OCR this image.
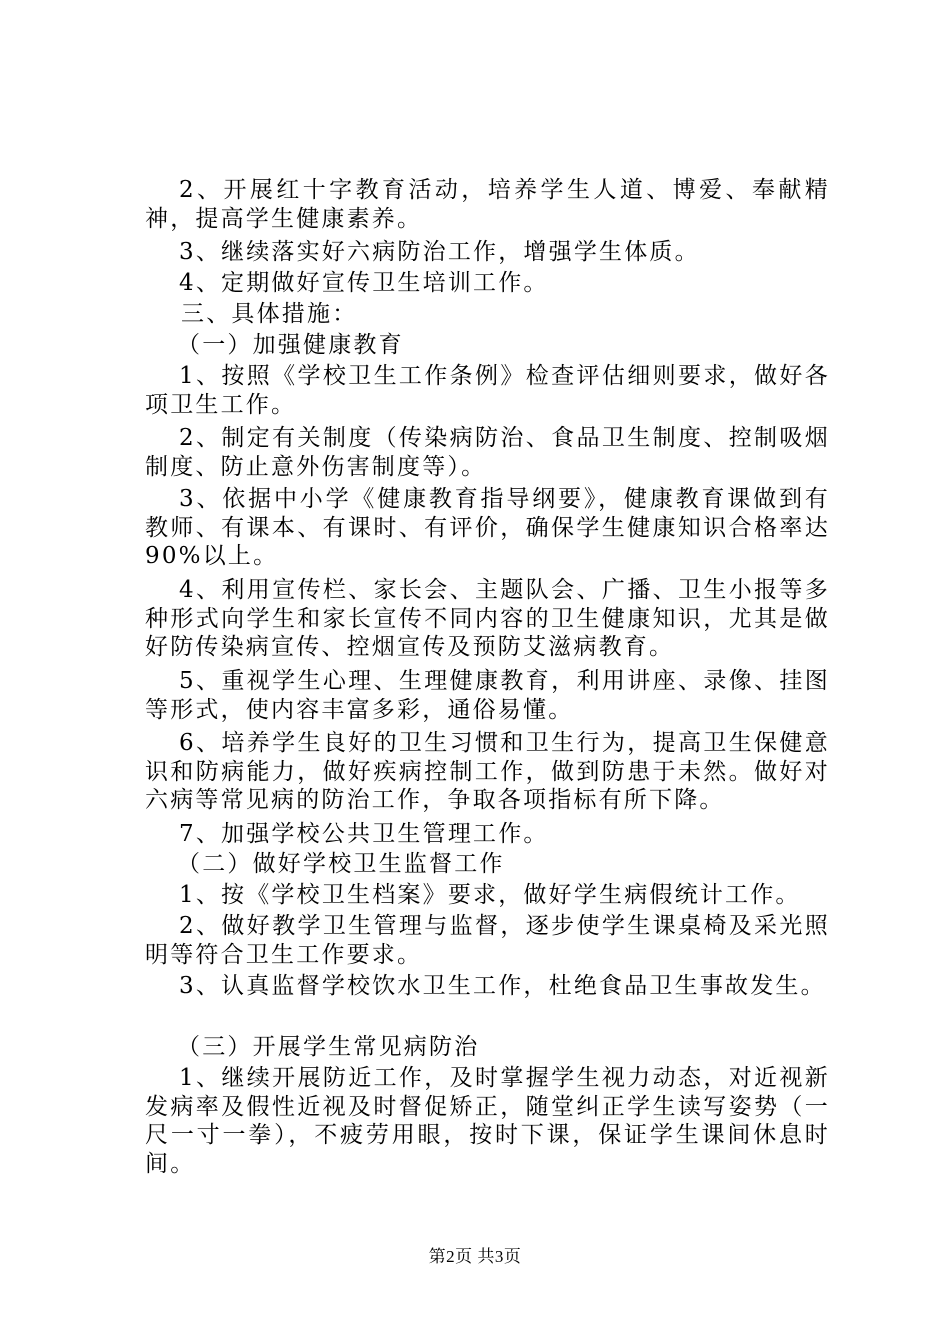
2、开展红十字教育活动，培养学生人道、博爱、奉献精神，提高学生健康素养。

3、继续落实好六病防治工作，增强学生体质。

4、定期做好宣传卫生培训工作。

三、具体措施：

（一）加强健康教育

1、按照《学校卫生工作条例》检查评估细则要求，做好各项卫生工作。

2、制定有关制度（传染病防治、食品卫生制度、控制吸烟制度、防止意外伤害制度等）。

3、依据中小学《健康教育指导纲要》，健康教育课做到有教师、有课本、有课时、有评价，确保学生健康知识合格率达90%以上。

4、利用宣传栏、家长会、主题队会、广播、卫生小报等多种形式向学生和家长宣传不同内容的卫生健康知识，尤其是做好防传染病宣传、控烟宣传及预防艾滋病教育。

5、重视学生心理、生理健康教育，利用讲座、录像、挂图等形式，使内容丰富多彩，通俗易懂。

6、培养学生良好的卫生习惯和卫生行为，提高卫生保健意识和防病能力，做好疾病控制工作，做到防患于未然。做好对六病等常见病的防治工作，争取各项指标有所下降。

7、加强学校公共卫生管理工作。

（二）做好学校卫生监督工作

1、按《学校卫生档案》要求，做好学生病假统计工作。

2、做好教学卫生管理与监督，逐步使学生课桌椅及采光照明等符合卫生工作要求。

3、认真监督学校饮水卫生工作，杜绝食品卫生事故发生。

（三）开展学生常见病防治

1、继续开展防近工作，及时掌握学生视力动态，对近视新发病率及假性近视及时督促矫正，随堂纠正学生读写姿势（一尺一寸一拳），不疲劳用眼，按时下课，保证学生课间休息时间。

第2页 共3页
